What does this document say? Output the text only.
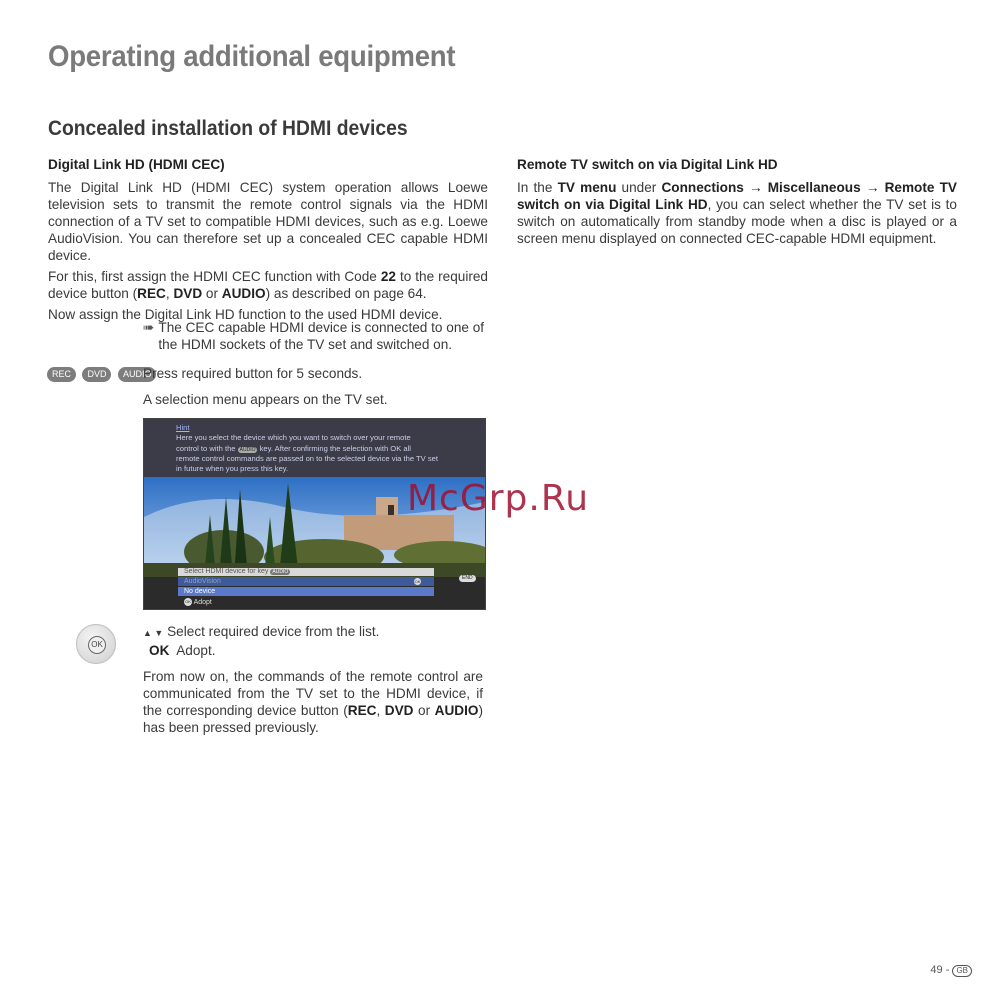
Operating additional equipment
Concealed installation of HDMI devices
Digital Link HD (HDMI CEC)

The Digital Link HD (HDMI CEC) system operation allows Loewe television sets to transmit the remote control signals via the HDMI connection of a TV set to compatible HDMI devices, such as e.g. Loewe AudioVision. You can therefore set up a concealed CEC capable HDMI device.

For this, first assign the HDMI CEC function with Code 22 to the required device button (REC, DVD or AUDIO) as described on page 64.

Now assign the Digital Link HD function to the used HDMI device.

➠ The CEC capable HDMI device is connected to one of the HDMI sockets of the TV set and switched on.
REC DVD AUDIO
Press required button for 5 seconds.
A selection menu appears on the TV set.
Hint
Here you select the device which you want to switch over your remote
control to with the AUDIO key. After confirming the selection with OK all
remote control commands are passed on to the selected device via the TV set
in future when you press this key.
Select HDMI device for key AUDIO
AudioVision	OK
No device
OK Adopt
END
McGrp.Ru
OK
▲ ▼ Select required device from the list.
OK Adopt.
From now on, the commands of the remote control are communicated from the TV set to the HDMI device, if the corresponding device button (REC, DVD or AUDIO) has been pressed previously.
Remote TV switch on via Digital Link HD

In the TV menu under Connections → Miscellaneous → Remote TV switch on via Digital Link HD, you can select whether the TV set is to switch on automatically from standby mode when a disc is played or a screen menu displayed on connected CEC-capable HDMI equipment.

49 - GB
